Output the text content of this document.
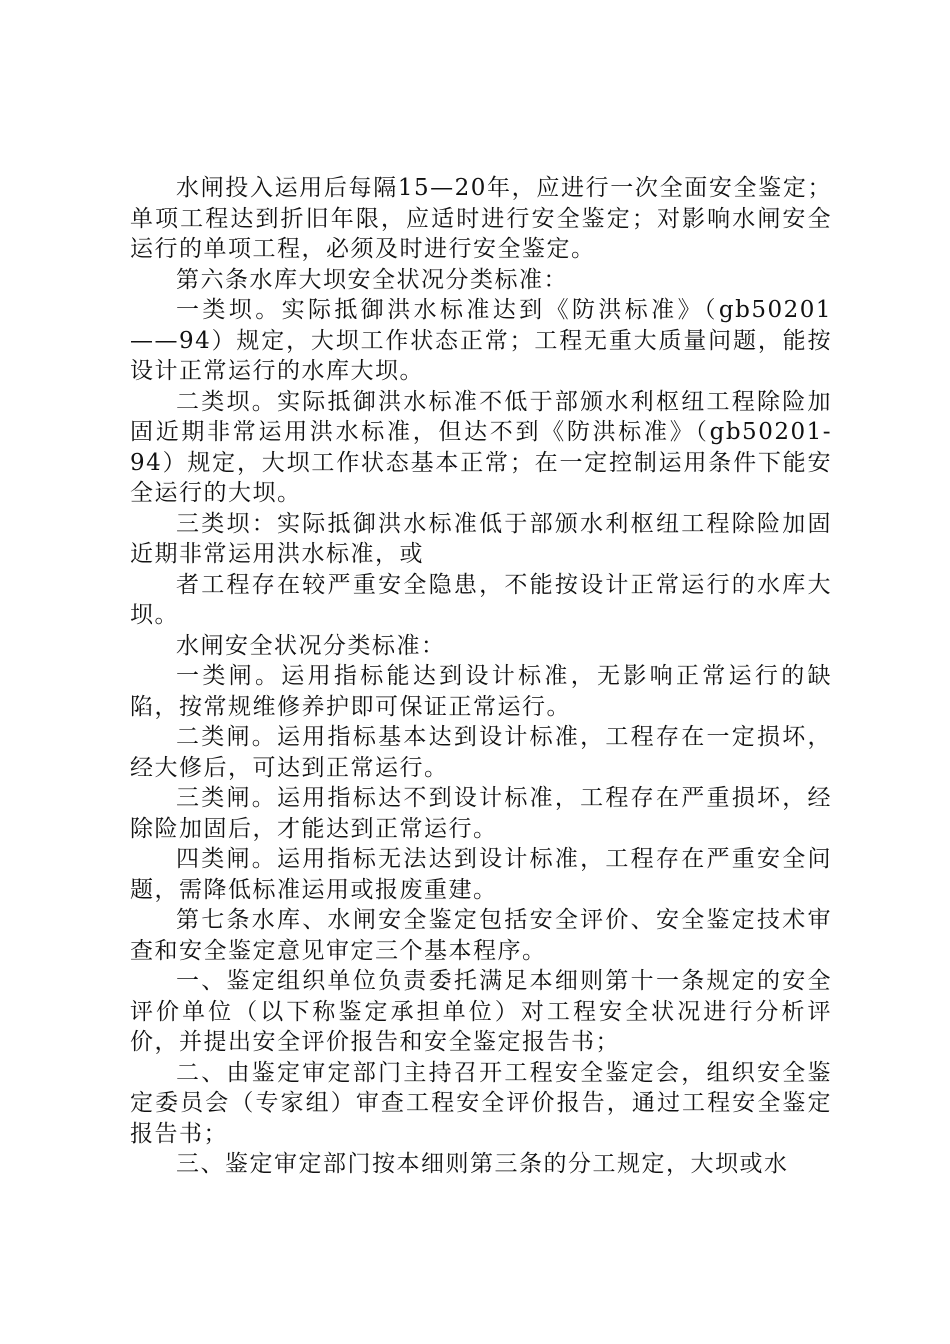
水闸投入运用后每隔15—20年，应进行一次全面安全鉴定；单项工程达到折旧年限，应适时进行安全鉴定；对影响水闸安全运行的单项工程，必须及时进行安全鉴定。

第六条水库大坝安全状况分类标准：

一类坝。实际抵御洪水标准达到《防洪标准》（gb50201——94）规定，大坝工作状态正常；工程无重大质量问题，能按设计正常运行的水库大坝。

二类坝。实际抵御洪水标准不低于部颁水利枢纽工程除险加固近期非常运用洪水标准，但达不到《防洪标准》（gb50201-94）规定，大坝工作状态基本正常；在一定控制运用条件下能安全运行的大坝。

三类坝：实际抵御洪水标准低于部颁水利枢纽工程除险加固近期非常运用洪水标准，或

者工程存在较严重安全隐患，不能按设计正常运行的水库大坝。

水闸安全状况分类标准：

一类闸。运用指标能达到设计标准，无影响正常运行的缺陷，按常规维修养护即可保证正常运行。

二类闸。运用指标基本达到设计标准，工程存在一定损坏，经大修后，可达到正常运行。

三类闸。运用指标达不到设计标准，工程存在严重损坏，经除险加固后，才能达到正常运行。

四类闸。运用指标无法达到设计标准，工程存在严重安全问题，需降低标准运用或报废重建。

第七条水库、水闸安全鉴定包括安全评价、安全鉴定技术审查和安全鉴定意见审定三个基本程序。

一、鉴定组织单位负责委托满足本细则第十一条规定的安全评价单位（以下称鉴定承担单位）对工程安全状况进行分析评价，并提出安全评价报告和安全鉴定报告书；

二、由鉴定审定部门主持召开工程安全鉴定会，组织安全鉴定委员会（专家组）审查工程安全评价报告，通过工程安全鉴定报告书；

三、鉴定审定部门按本细则第三条的分工规定，大坝或水
